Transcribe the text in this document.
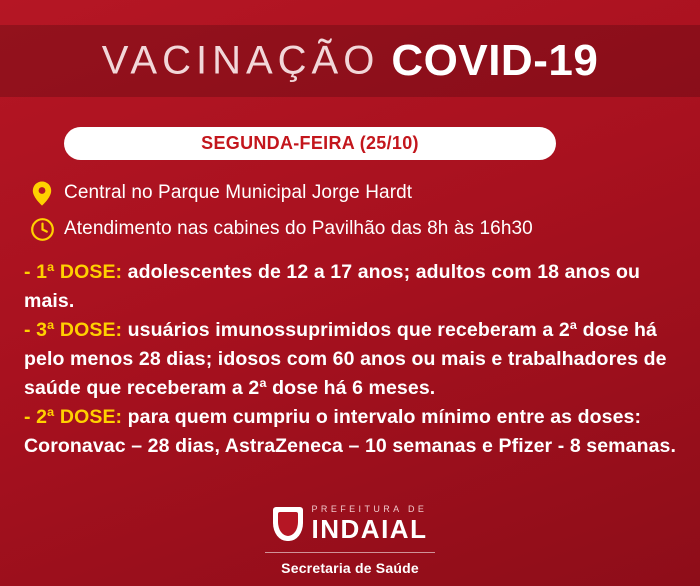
VACINAÇÃO COVID-19
SEGUNDA-FEIRA (25/10)
Central no Parque Municipal Jorge Hardt
Atendimento nas cabines do Pavilhão das 8h às 16h30

- 1ª DOSE: adolescentes de 12 a 17 anos; adultos com 18 anos ou mais.

- 3ª DOSE: usuários imunossuprimidos que receberam a 2ª dose há pelo menos 28 dias; idosos com 60 anos ou mais e trabalhadores de saúde que receberam a 2ª dose há 6 meses.

- 2ª DOSE: para quem cumpriu o intervalo mínimo entre as doses: Coronavac – 28 dias, AstraZeneca – 10 semanas e Pfizer - 8 semanas.

PREFEITURA DE
INDAIAL
Secretaria de Saúde
